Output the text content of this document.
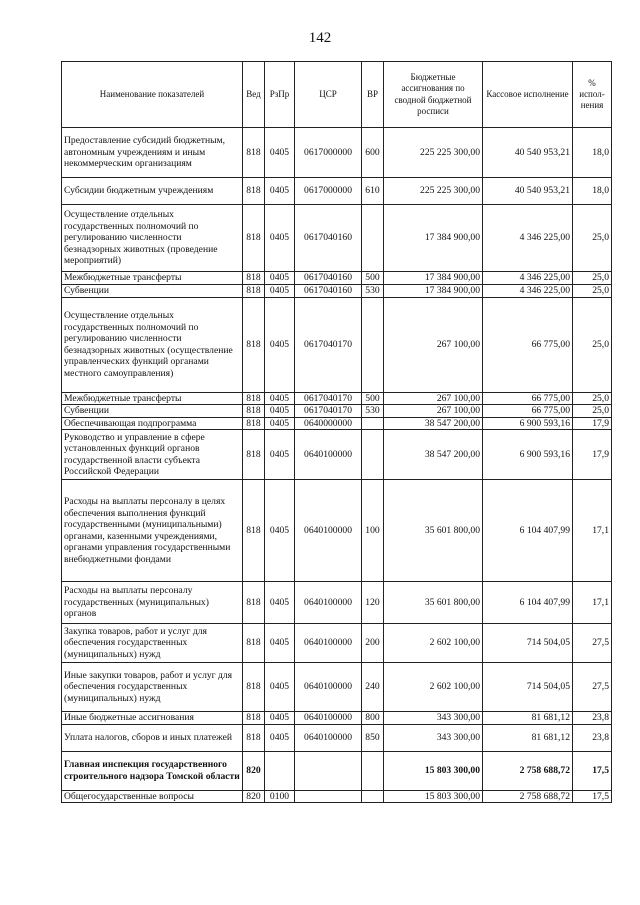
142
Наименование показателей	Вед	РзПр	ЦСР	ВР	Бюджетные ассигнования по сводной бюджетной росписи	Кассовое исполнение	% испол-нения
Предоставление субсидий бюджетным, автономным учреждениям и иным некоммерческим организациям	818	0405	0617000000	600	225 225 300,00	40 540 953,21	18,0
Субсидии бюджетным учреждениям	818	0405	0617000000	610	225 225 300,00	40 540 953,21	18,0
Осуществление отдельных государственных полномочий по регулированию численности безнадзорных животных (проведение мероприятий)	818	0405	0617040160		17 384 900,00	4 346 225,00	25,0
Межбюджетные трансферты	818	0405	0617040160	500	17 384 900,00	4 346 225,00	25,0
Субвенции	818	0405	0617040160	530	17 384 900,00	4 346 225,00	25,0
Осуществление отдельных государственных полномочий по регулированию численности безнадзорных животных (осуществление управленческих функций органами местного самоуправления)	818	0405	0617040170		267 100,00	66 775,00	25,0
Межбюджетные трансферты	818	0405	0617040170	500	267 100,00	66 775,00	25,0
Субвенции	818	0405	0617040170	530	267 100,00	66 775,00	25,0
Обеспечивающая подпрограмма	818	0405	0640000000		38 547 200,00	6 900 593,16	17,9
Руководство и управление в сфере установленных функций органов государственной власти субъекта Российской Федерации	818	0405	0640100000		38 547 200,00	6 900 593,16	17,9
Расходы на выплаты персоналу в целях обеспечения выполнения функций государственными (муниципальными) органами, казенными учреждениями, органами управления государственными внебюджетными фондами	818	0405	0640100000	100	35 601 800,00	6 104 407,99	17,1
Расходы на выплаты персоналу государственных (муниципальных) органов	818	0405	0640100000	120	35 601 800,00	6 104 407,99	17,1
Закупка товаров, работ и услуг для обеспечения государственных (муниципальных) нужд	818	0405	0640100000	200	2 602 100,00	714 504,05	27,5
Иные закупки товаров, работ и услуг для обеспечения государственных (муниципальных) нужд	818	0405	0640100000	240	2 602 100,00	714 504,05	27,5
Иные бюджетные ассигнования	818	0405	0640100000	800	343 300,00	81 681,12	23,8
Уплата налогов, сборов и иных платежей	818	0405	0640100000	850	343 300,00	81 681,12	23,8
Главная инспекция государственного строительного надзора Томской области	820				15 803 300,00	2 758 688,72	17,5
Общегосударственные вопросы	820	0100			15 803 300,00	2 758 688,72	17,5
